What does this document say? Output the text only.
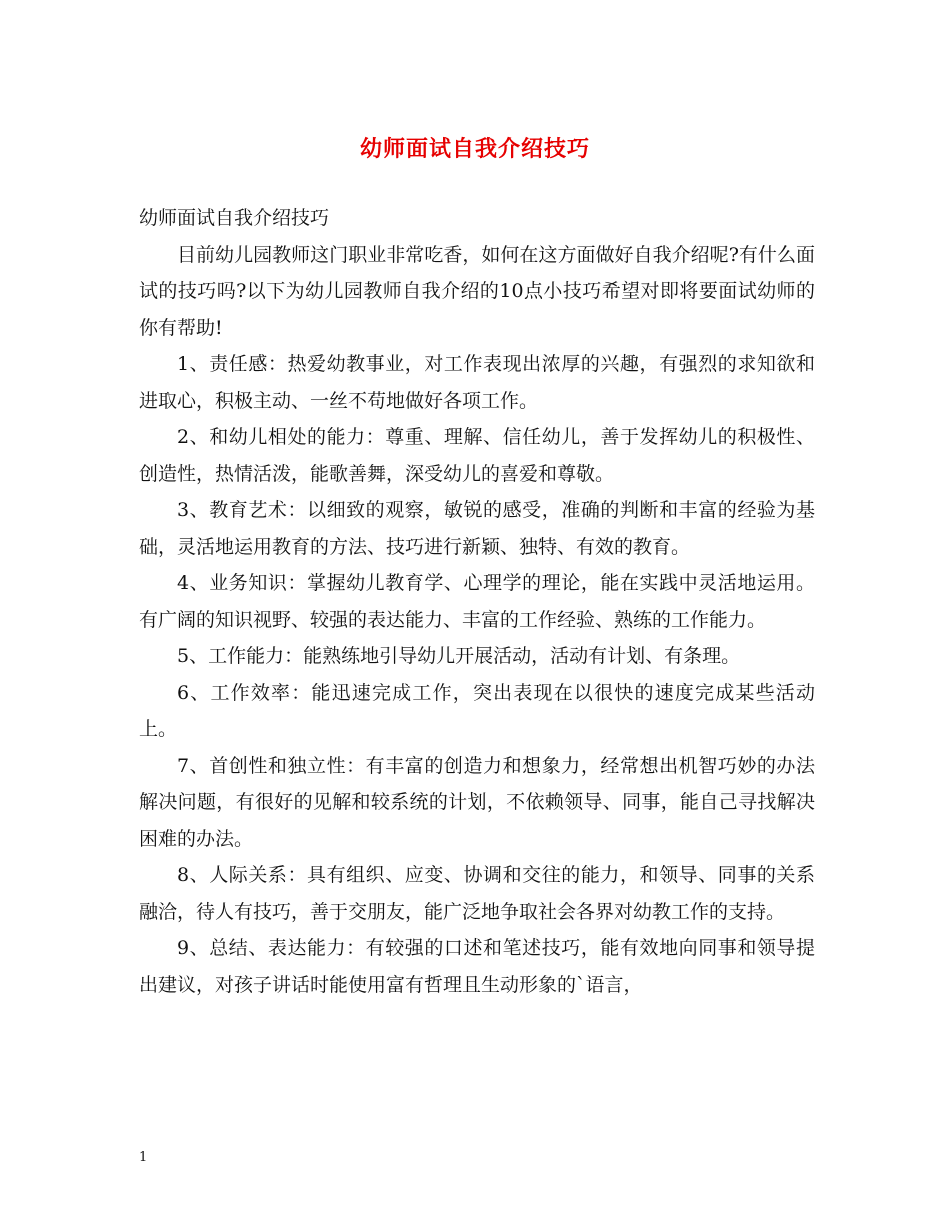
幼师面试自我介绍技巧

幼师面试自我介绍技巧

目前幼儿园教师这门职业非常吃香，如何在这方面做好自我介绍呢?有什么面试的技巧吗?以下为幼儿园教师自我介绍的10点小技巧希望对即将要面试幼师的你有帮助!

1、责任感：热爱幼教事业，对工作表现出浓厚的兴趣，有强烈的求知欲和进取心，积极主动、一丝不苟地做好各项工作。

2、和幼儿相处的能力：尊重、理解、信任幼儿，善于发挥幼儿的积极性、创造性，热情活泼，能歌善舞，深受幼儿的喜爱和尊敬。

3、教育艺术：以细致的观察，敏锐的感受，准确的判断和丰富的经验为基础，灵活地运用教育的方法、技巧进行新颖、独特、有效的教育。

4、业务知识：掌握幼儿教育学、心理学的理论，能在实践中灵活地运用。有广阔的知识视野、较强的表达能力、丰富的工作经验、熟练的工作能力。

5、工作能力：能熟练地引导幼儿开展活动，活动有计划、有条理。

6、工作效率：能迅速完成工作，突出表现在以很快的速度完成某些活动上。

7、首创性和独立性：有丰富的创造力和想象力，经常想出机智巧妙的办法解决问题，有很好的见解和较系统的计划，不依赖领导、同事，能自己寻找解决困难的办法。

8、人际关系：具有组织、应变、协调和交往的能力，和领导、同事的关系融洽，待人有技巧，善于交朋友，能广泛地争取社会各界对幼教工作的支持。

9、总结、表达能力：有较强的口述和笔述技巧，能有效地向同事和领导提出建议，对孩子讲话时能使用富有哲理且生动形象的`语言，

1
